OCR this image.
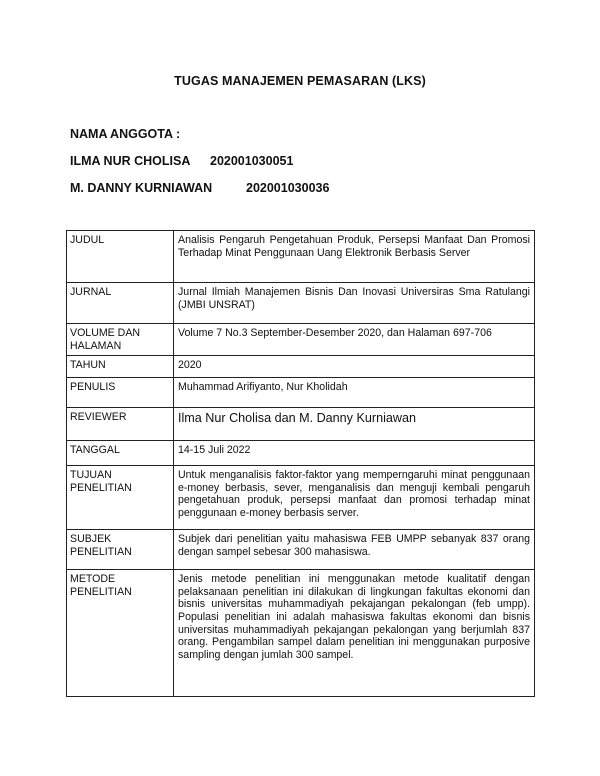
TUGAS MANAJEMEN PEMASARAN (LKS)
NAMA ANGGOTA :
ILMA NUR CHOLISA 202001030051
M. DANNY KURNIAWAN	202001030036
JUDUL	Analisis Pengaruh Pengetahuan Produk, Persepsi Manfaat Dan Promosi Terhadap Minat Penggunaan Uang Elektronik Berbasis Server
JURNAL	Jurnal Ilmiah Manajemen Bisnis Dan Inovasi Universiras Sma Ratulangi (JMBI UNSRAT)
VOLUME DAN HALAMAN	Volume 7 No.3 September-Desember 2020, dan Halaman 697-706
TAHUN	2020
PENULIS	Muhammad Arifiyanto, Nur Kholidah
REVIEWER	Ilma Nur Cholisa dan M. Danny Kurniawan
TANGGAL	14-15 Juli 2022
TUJUAN PENELITIAN	Untuk menganalisis faktor-faktor yang memperngaruhi minat penggunaan e-money berbasis, sever, menganalisis dan menguji kembali pengaruh pengetahuan produk, persepsi manfaat dan promosi terhadap minat penggunaan e-money berbasis server.
SUBJEK PENELITIAN	Subjek dari penelitian yaitu mahasiswa FEB UMPP sebanyak 837 orang dengan sampel sebesar 300 mahasiswa.
METODE PENELITIAN	Jenis metode penelitian ini menggunakan metode kualitatif dengan pelaksanaan penelitian ini dilakukan di lingkungan fakultas ekonomi dan bisnis universitas muhammadiyah pekajangan pekalongan (feb umpp). Populasi penelitian ini adalah mahasiswa fakultas ekonomi dan bisnis universitas muhammadiyah pekajangan pekalongan yang berjumlah 837 orang. Pengambilan sampel dalam penelitian ini menggunakan purposive sampling dengan jumlah 300 sampel.
